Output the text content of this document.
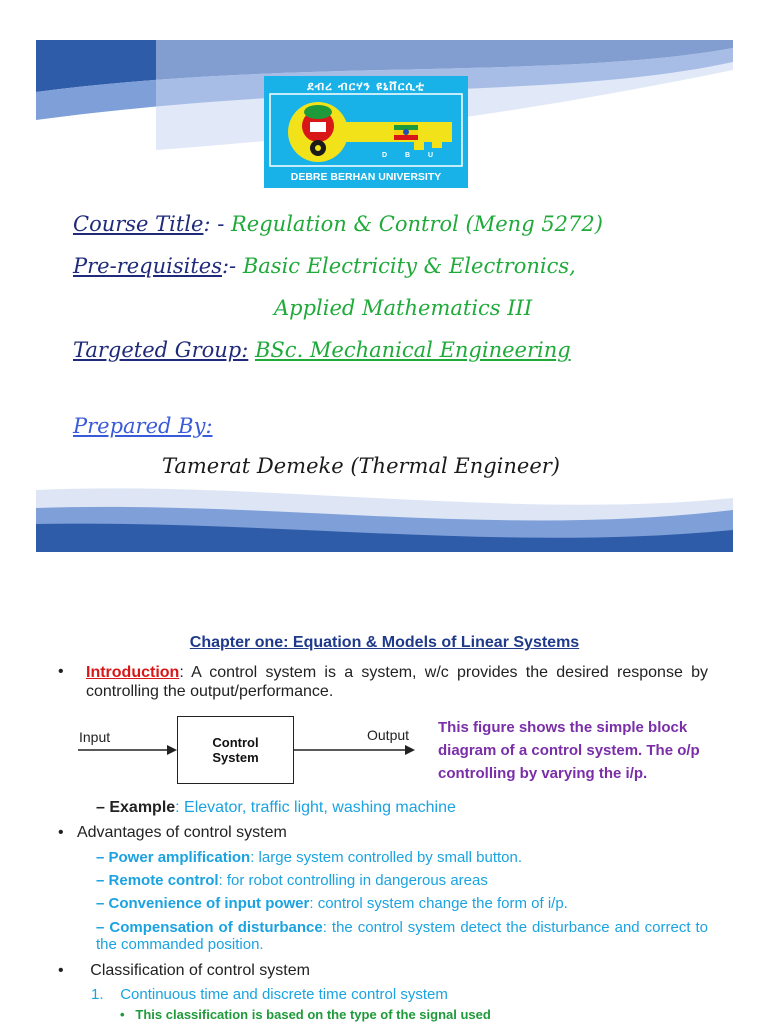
ደብረ ብርሃን ዩኒቨርሲቲ
D B U
DEBRE BERHAN UNIVERSITY
Course Title: - Regulation & Control (Meng 5272)
Pre-requisites:- Basic Electricity & Electronics,
Applied Mathematics III
Targeted Group: BSc. Mechanical Engineering
Prepared By:
Tamerat Demeke (Thermal Engineer)
Chapter one: Equation & Models of Linear Systems
• Introduction: A control system is a system, w/c provides the desired response by controlling the output/performance.
Input	Control
System
Output This figure shows the simple block diagram of a control system. The o/p controlling by varying the i/p.
– Example: Elevator, traffic light, washing machine
• Advantages of control system
– Power amplification: large system controlled by small button.
– Remote control: for robot controlling in dangerous areas
– Convenience of input power: control system change the form of i/p.
– Compensation of disturbance: the control system detect the disturbance and correct to the commanded position.
• Classification of control system
1. Continuous time and discrete time control system
• This classification is based on the type of the signal used
